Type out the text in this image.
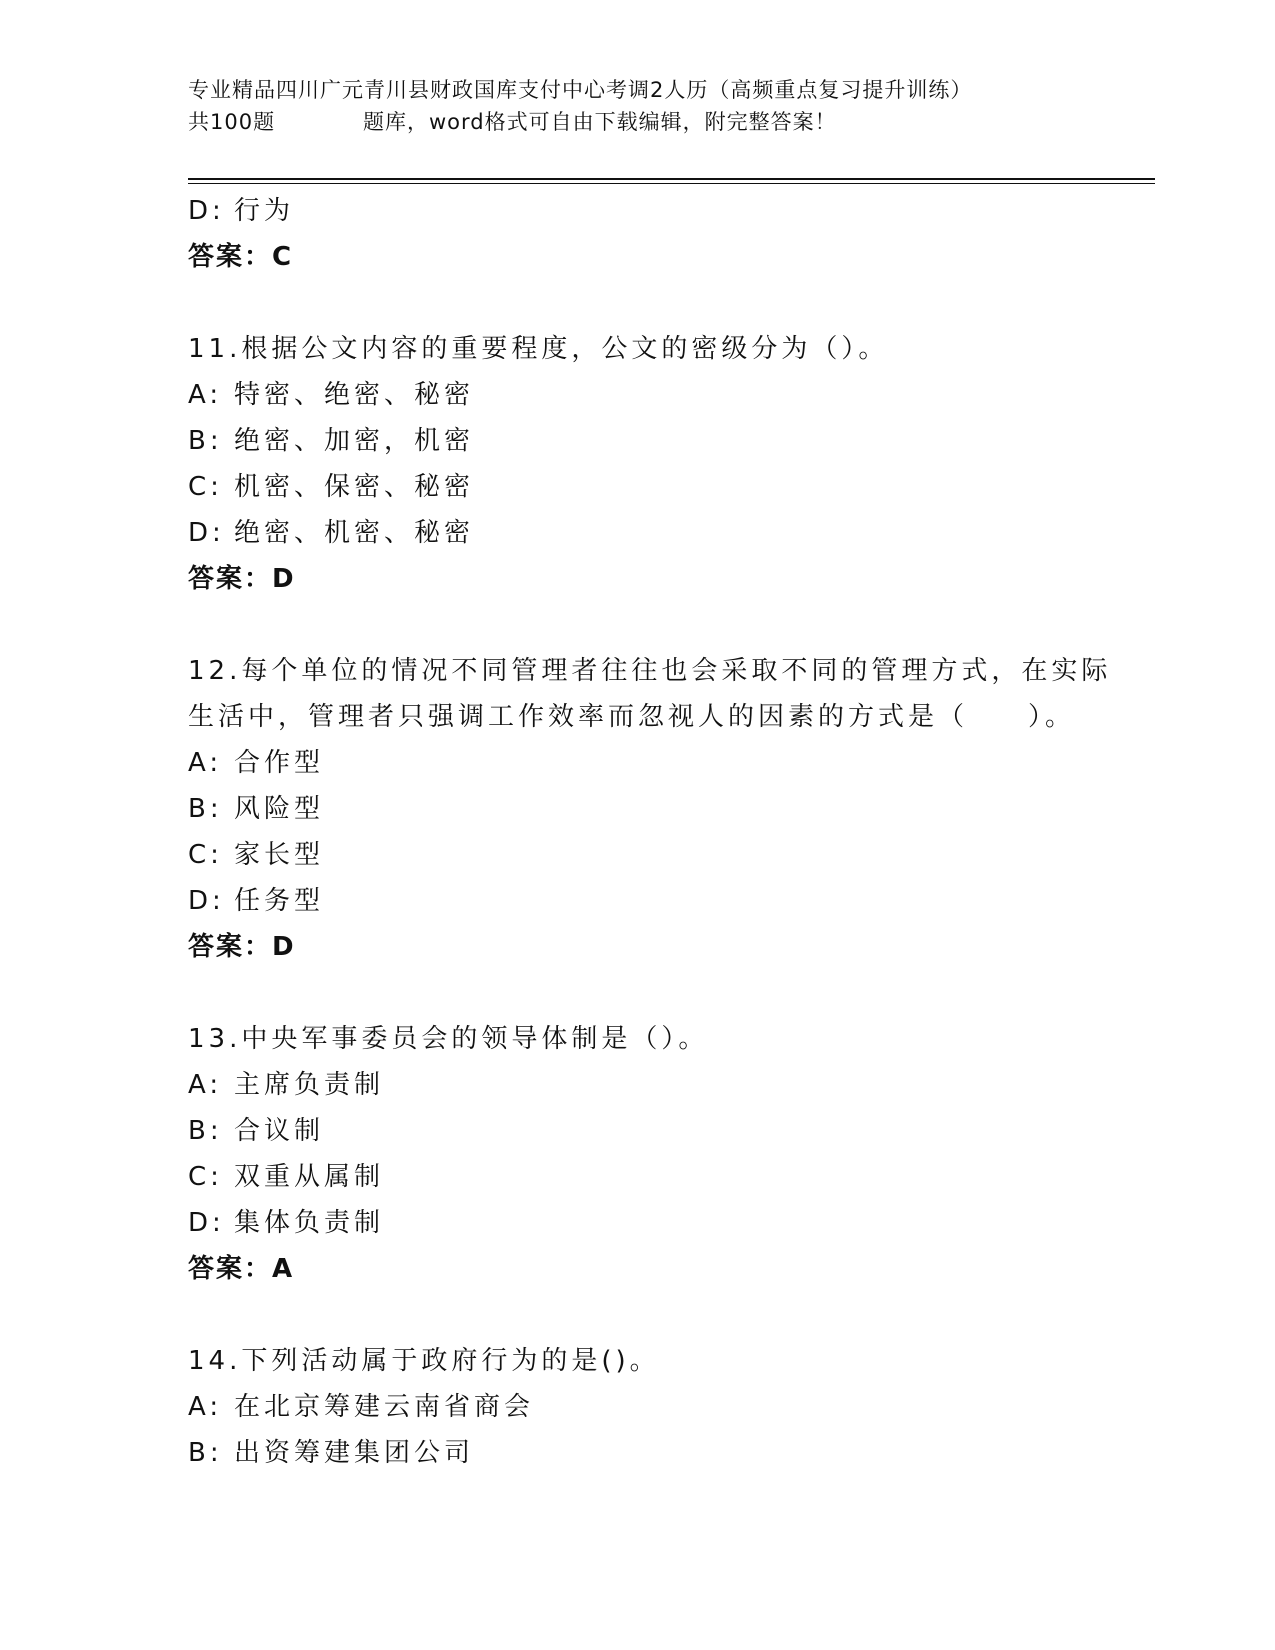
专业精品四川广元青川县财政国库支付中心考调2人历（高频重点复习提升训练）
共100题	题库，word格式可自由下载编辑，附完整答案！
D: 行为
答案：C
11.根据公文内容的重要程度，公文的密级分为（）。
A: 特密、绝密、秘密
B: 绝密、加密，机密
C: 机密、保密、秘密
D: 绝密、机密、秘密
答案：D
12.每个单位的情况不同管理者往往也会采取不同的管理方式，在实际
生活中，管理者只强调工作效率而忽视人的因素的方式是（　　）。
A: 合作型
B: 风险型
C: 家长型
D: 任务型
答案：D
13.中央军事委员会的领导体制是（）。
A: 主席负责制
B: 合议制
C: 双重从属制
D: 集体负责制
答案：A
14.下列活动属于政府行为的是()。
A: 在北京筹建云南省商会
B: 出资筹建集团公司
